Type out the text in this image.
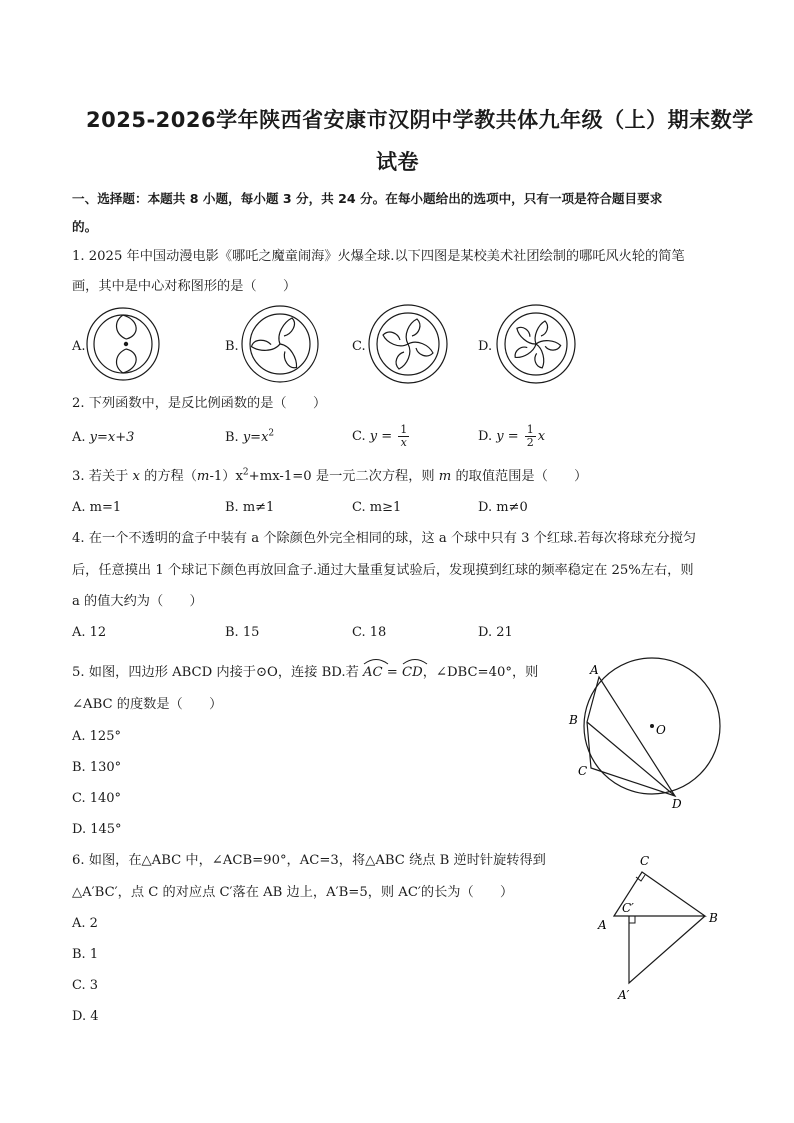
2025-2026学年陕西省安康市汉阴中学教共体九年级（上）期末数学
试卷
一、选择题：本题共 8 小题，每小题 3 分，共 24 分。在每小题给出的选项中，只有一项是符合题目要求
的。
1. 2025 年中国动漫电影《哪吒之魔童闹海》火爆全球.以下四图是某校美术社团绘制的哪吒风火轮的简笔
画，其中是中心对称图形的是（　　）
A.	B.	C.	D.
2. 下列函数中，是反比例函数的是（　　）
A. y=x+3	B. $y=x^2$	C. $y = \frac{1}{x}$	D. $y = \frac{1}{2}$ x
3. 若关于 x 的方程$(m-1)x^2+mx-1=0$ 是一元二次方程，则 m 的取值范围是（　　）
A. m=1	B. m≠1	C. m≥1	D. m≠0
4. 在一个不透明的盒子中装有 a 个除颜色外完全相同的球，这 a 个球中只有 3 个红球.若每次将球充分搅匀
后，任意摸出 1 个球记下颜色再放回盒子.通过大量重复试验后，发现摸到红球的频率稳定在 25%左右，则
a 的值大约为（　　）
A. 12	B. 15	C. 18	D. 21
5. 如图，四边形 ABCD 内接于⊙O，连接 BD.若 AC =
CD，∠DBC=40°，则
∠ABC 的度数是（　　）
A. 125°
B. 130°
C. 140°
D. 145°
A
B
C
D
O
6. 如图，在△ABC 中，∠ACB=90°，AC=3，将△ABC 绕点 B 逆时针旋转得到
△A′BC′，点 C 的对应点 C′落在 AB 边上，A′B=5，则 AC′的长为（　　）
A. 2
B. 1
C. 3
D. 4
C
A	B
C′
A′
